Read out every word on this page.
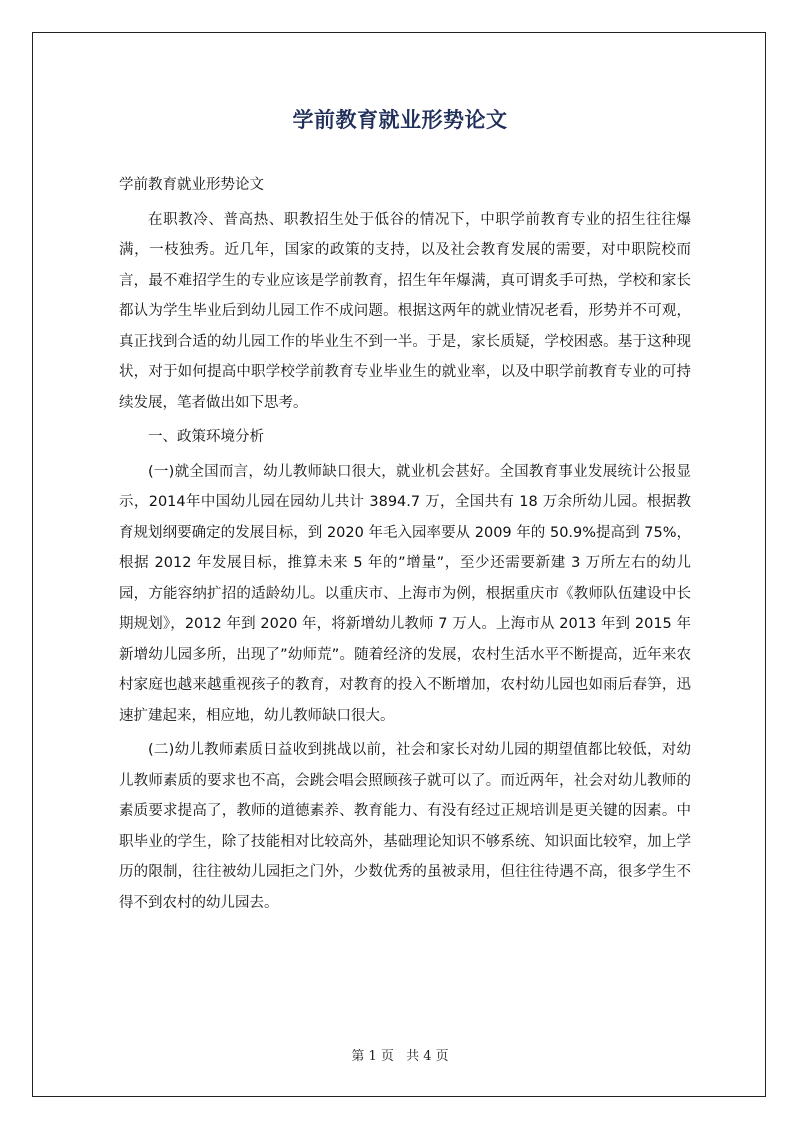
学前教育就业形势论文

学前教育就业形势论文

在职教冷、普高热、职教招生处于低谷的情况下，中职学前教育专业的招生往往爆满，一枝独秀。近几年，国家的政策的支持，以及社会教育发展的需要，对中职院校而言，最不难招学生的专业应该是学前教育，招生年年爆满，真可谓炙手可热，学校和家长都认为学生毕业后到幼儿园工作不成问题。根据这两年的就业情况老看，形势并不可观，真正找到合适的幼儿园工作的毕业生不到一半。于是，家长质疑，学校困惑。基于这种现状，对于如何提高中职学校学前教育专业毕业生的就业率，以及中职学前教育专业的可持续发展，笔者做出如下思考。

一、政策环境分析

(一)就全国而言，幼儿教师缺口很大，就业机会甚好。全国教育事业发展统计公报显示，2014年中国幼儿园在园幼儿共计 3894.7 万，全国共有 18 万余所幼儿园。根据教育规划纲要确定的发展目标，到 2020 年毛入园率要从 2009 年的 50.9%提高到 75%，根据 2012 年发展目标，推算未来 5 年的”增量”，至少还需要新建 3 万所左右的幼儿园，方能容纳扩招的适龄幼儿。以重庆市、上海市为例，根据重庆市《教师队伍建设中长期规划》，2012 年到 2020 年，将新增幼儿教师 7 万人。上海市从 2013 年到 2015 年新增幼儿园多所，出现了”幼师荒”。随着经济的发展，农村生活水平不断提高，近年来农村家庭也越来越重视孩子的教育，对教育的投入不断增加，农村幼儿园也如雨后春笋，迅速扩建起来，相应地，幼儿教师缺口很大。

(二)幼儿教师素质日益收到挑战以前，社会和家长对幼儿园的期望值都比较低，对幼儿教师素质的要求也不高，会跳会唱会照顾孩子就可以了。而近两年，社会对幼儿教师的素质要求提高了，教师的道德素养、教育能力、有没有经过正规培训是更关键的因素。中职毕业的学生，除了技能相对比较高外，基础理论知识不够系统、知识面比较窄，加上学历的限制，往往被幼儿园拒之门外，少数优秀的虽被录用，但往往待遇不高，很多学生不得不到农村的幼儿园去。

第 1 页 共 4 页
